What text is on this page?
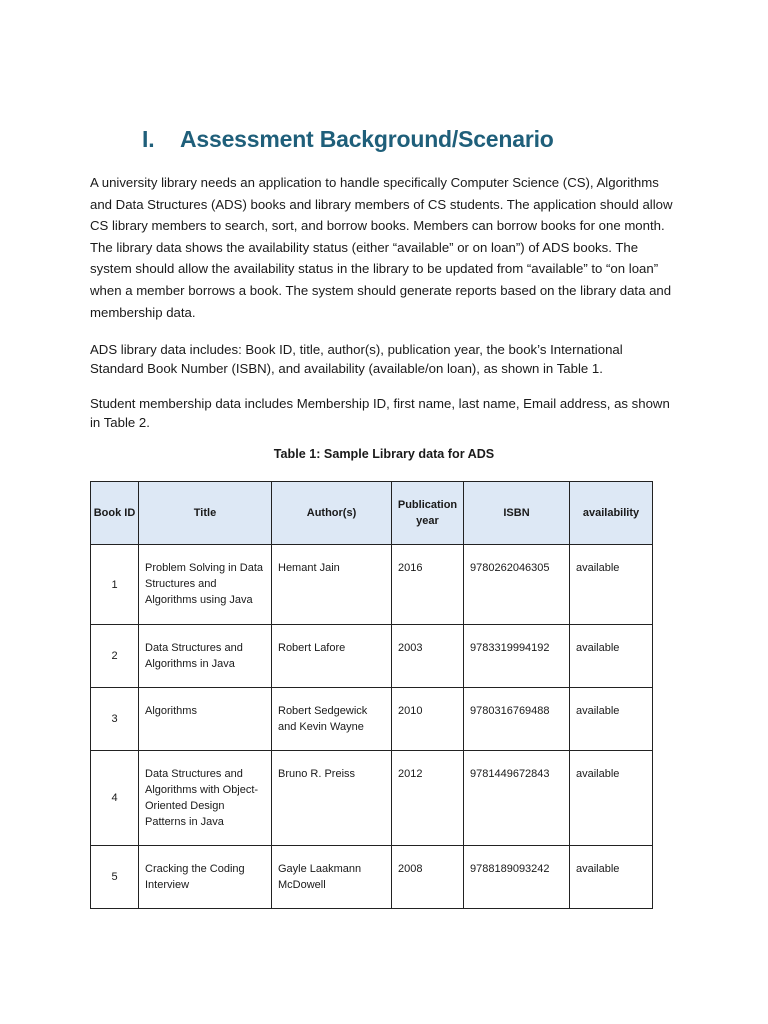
I. Assessment Background/Scenario

A university library needs an application to handle specifically Computer Science (CS), Algorithms and Data Structures (ADS) books and library members of CS students. The application should allow CS library members to search, sort, and borrow books. Members can borrow books for one month. The library data shows the availability status (either “available” or on loan”) of ADS books. The system should allow the availability status in the library to be updated from “available” to “on loan” when a member borrows a book. The system should generate reports based on the library data and membership data.

ADS library data includes: Book ID, title, author(s), publication year, the book’s International Standard Book Number (ISBN), and availability (available/on loan), as shown in Table 1.

Student membership data includes Membership ID, first name, last name, Email address, as shown in Table 2.

Table 1: Sample Library data for ADS
Book ID	Title	Author(s)	Publication year	ISBN	availability
1	Problem Solving in Data Structures and Algorithms using Java	Hemant Jain	2016	9780262046305	available
2	Data Structures and Algorithms in Java	Robert Lafore	2003	9783319994192	available
3	Algorithms	Robert Sedgewick and Kevin Wayne	2010	9780316769488	available
4	Data Structures and Algorithms with Object-Oriented Design Patterns in Java	Bruno R. Preiss	2012	9781449672843	available
5	Cracking the Coding Interview	Gayle Laakmann McDowell	2008	9788189093242	available
